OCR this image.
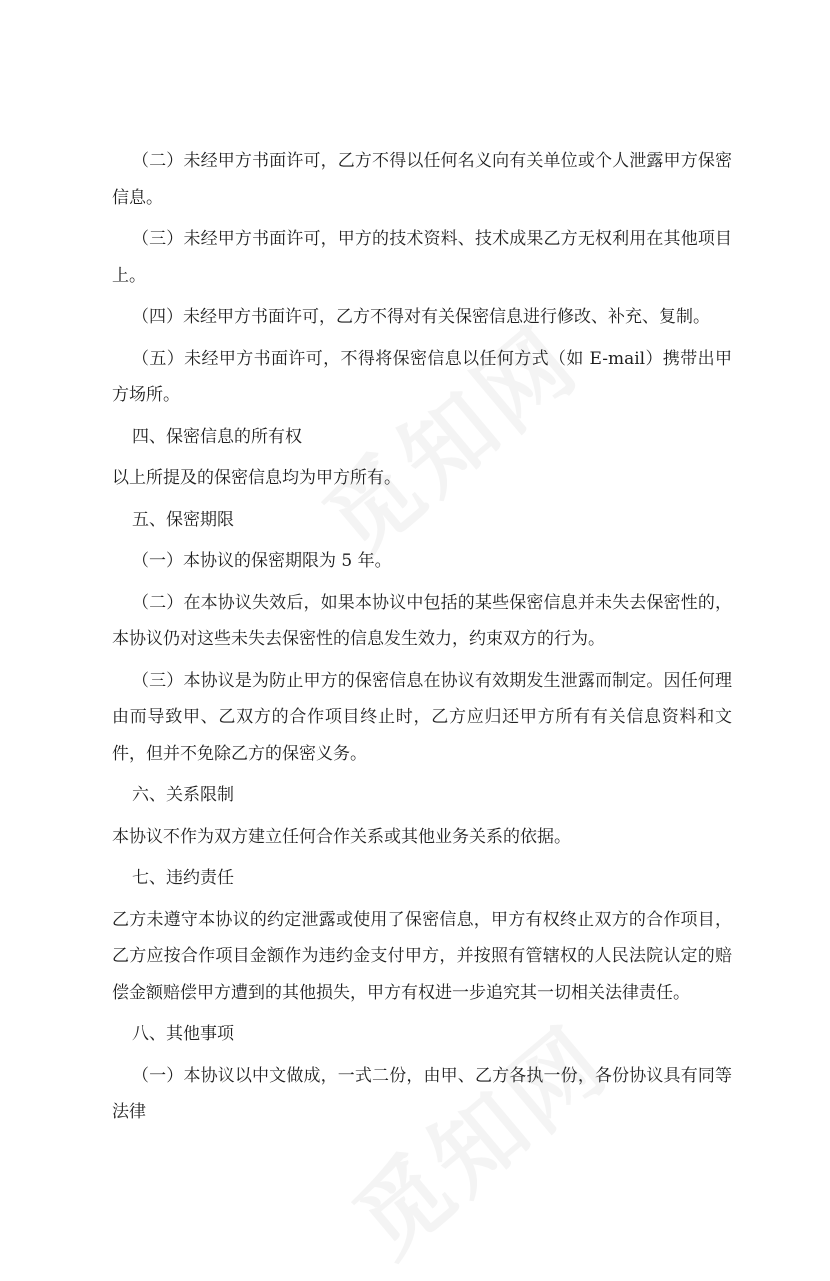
（二）未经甲方书面许可，乙方不得以任何名义向有关单位或个人泄露甲方保密信息。

（三）未经甲方书面许可，甲方的技术资料、技术成果乙方无权利用在其他项目上。

（四）未经甲方书面许可，乙方不得对有关保密信息进行修改、补充、复制。

（五）未经甲方书面许可，不得将保密信息以任何方式（如 E-mail）携带出甲方场所。

四、保密信息的所有权

以上所提及的保密信息均为甲方所有。

五、保密期限

（一）本协议的保密期限为 5 年。

（二）在本协议失效后，如果本协议中包括的某些保密信息并未失去保密性的，本协议仍对这些未失去保密性的信息发生效力，约束双方的行为。

（三）本协议是为防止甲方的保密信息在协议有效期发生泄露而制定。因任何理由而导致甲、乙双方的合作项目终止时，乙方应归还甲方所有有关信息资料和文件，但并不免除乙方的保密义务。

六、关系限制

本协议不作为双方建立任何合作关系或其他业务关系的依据。

七、违约责任

乙方未遵守本协议的约定泄露或使用了保密信息，甲方有权终止双方的合作项目，乙方应按合作项目金额作为违约金支付甲方，并按照有管辖权的人民法院认定的赔偿金额赔偿甲方遭到的其他损失，甲方有权进一步追究其一切相关法律责任。

八、其他事项

（一）本协议以中文做成，一式二份，由甲、乙方各执一份，各份协议具有同等法律
